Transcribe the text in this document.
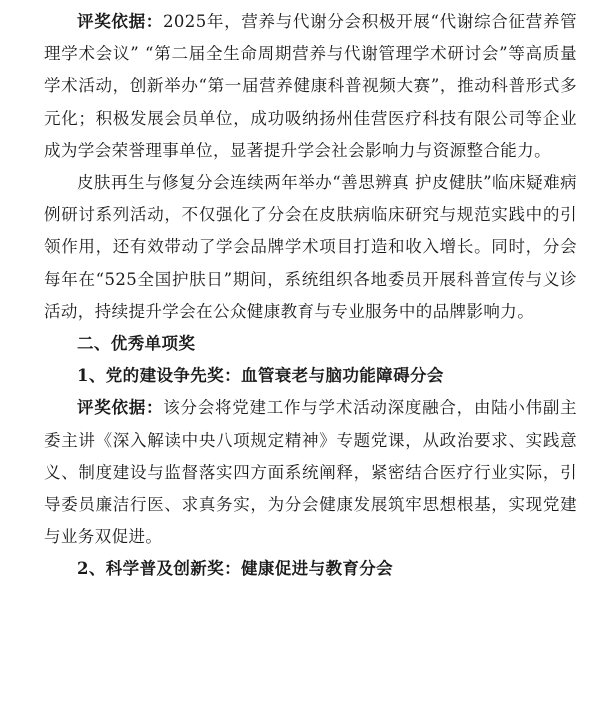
评奖依据：2025年，营养与代谢分会积极开展“代谢综合征营养管理学术会议” “第二届全生命周期营养与代谢管理学术研讨会”等高质量学术活动，创新举办“第一届营养健康科普视频大赛”，推动科普形式多元化；积极发展会员单位，成功吸纳扬州佳营医疗科技有限公司等企业成为学会荣誉理事单位，显著提升学会社会影响力与资源整合能力。

皮肤再生与修复分会连续两年举办“善思辨真 护皮健肤”临床疑难病例研讨系列活动，不仅强化了分会在皮肤病临床研究与规范实践中的引领作用，还有效带动了学会品牌学术项目打造和收入增长。同时，分会每年在“525全国护肤日”期间，系统组织各地委员开展科普宣传与义诊活动，持续提升学会在公众健康教育与专业服务中的品牌影响力。

二、优秀单项奖

1、党的建设争先奖：血管衰老与脑功能障碍分会

评奖依据：该分会将党建工作与学术活动深度融合，由陆小伟副主委主讲《深入解读中央八项规定精神》专题党课，从政治要求、实践意义、制度建设与监督落实四方面系统阐释，紧密结合医疗行业实际，引导委员廉洁行医、求真务实，为分会健康发展筑牢思想根基，实现党建与业务双促进。

2、科学普及创新奖：健康促进与教育分会
